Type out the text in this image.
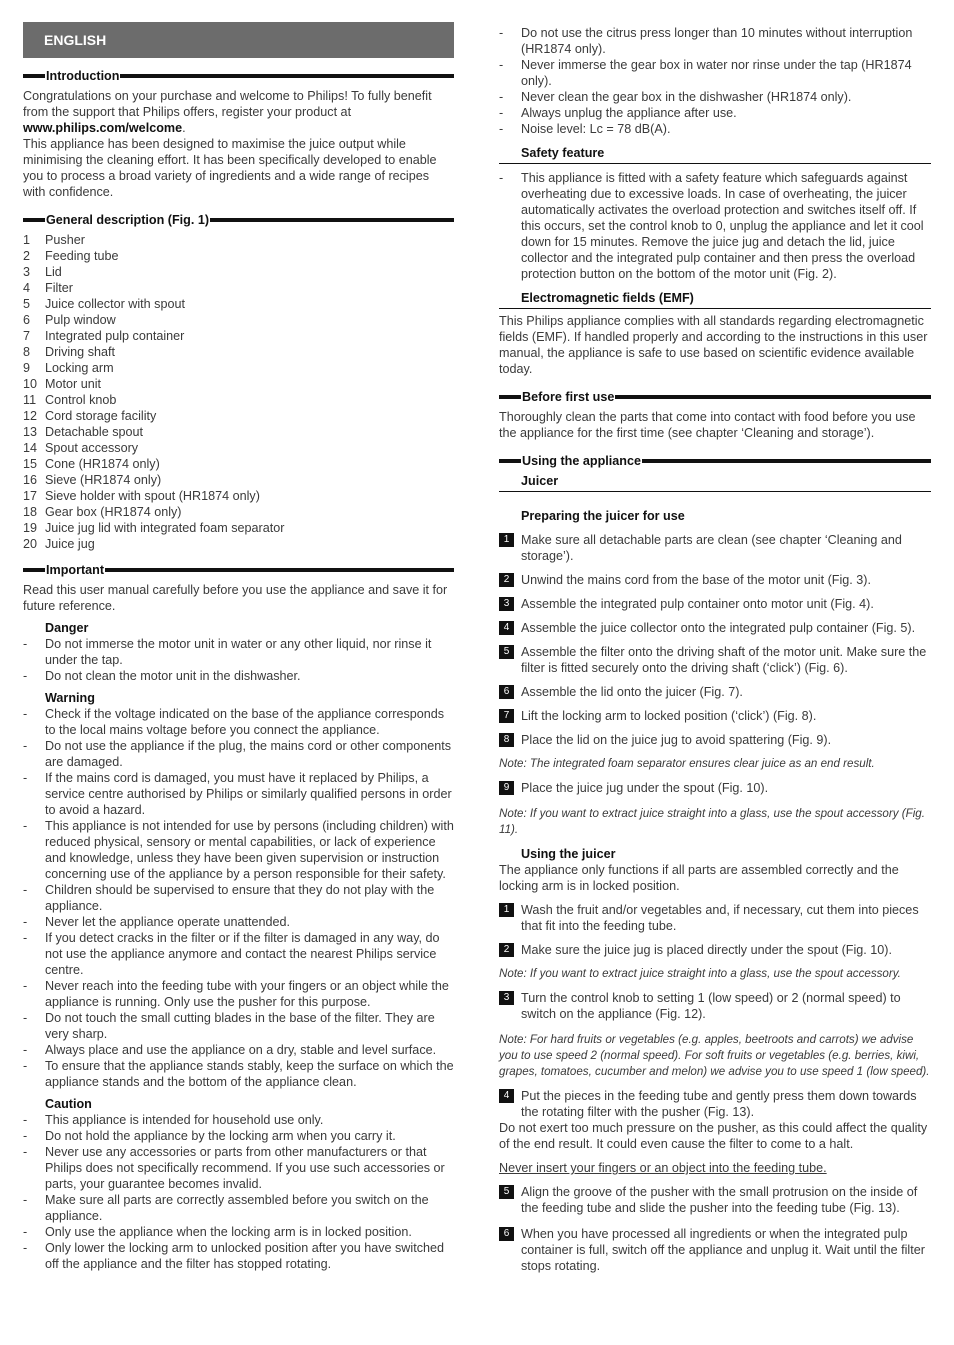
ENGLISH
Introduction

Congratulations on your purchase and welcome to Philips! To fully benefit from the support that Philips offers, register your product at www.philips.com/welcome.

This appliance has been designed to maximise the juice output while minimising the cleaning effort. It has been specifically developed to enable you to process a broad variety of ingredients and a wide range of recipes with confidence.

General description (Fig. 1)
1	Pusher
2	Feeding tube
3	Lid
4	Filter
5	Juice collector with spout
6	Pulp window
7	Integrated pulp container
8	Driving shaft
9	Locking arm
10 Motor unit
11 Control knob
12 Cord storage facility
13 Detachable spout
14 Spout accessory
15 Cone (HR1874 only)
16 Sieve (HR1874 only)
17 Sieve holder with spout (HR1874 only)
18 Gear box (HR1874 only)
19 Juice jug lid with integrated foam separator
20 Juice jug
Important

Read this user manual carefully before you use the appliance and save it for future reference.

Danger
- Do not immerse the motor unit in water or any other liquid, nor rinse it under the tap.
- Do not clean the motor unit in the dishwasher.
Warning
- Check if the voltage indicated on the base of the appliance corresponds to the local mains voltage before you connect the appliance.
- Do not use the appliance if the plug, the mains cord or other components are damaged.
- If the mains cord is damaged, you must have it replaced by Philips, a service centre authorised by Philips or similarly qualified persons in order to avoid a hazard.
- This appliance is not intended for use by persons (including children) with reduced physical, sensory or mental capabilities, or lack of experience and knowledge, unless they have been given supervision or instruction concerning use of the appliance by a person responsible for their safety.
- Children should be supervised to ensure that they do not play with the appliance.
- Never let the appliance operate unattended.
- If you detect cracks in the filter or if the filter is damaged in any way, do not use the appliance anymore and contact the nearest Philips service centre.
- Never reach into the feeding tube with your fingers or an object while the appliance is running. Only use the pusher for this purpose.
- Do not touch the small cutting blades in the base of the filter. They are very sharp.
- Always place and use the appliance on a dry, stable and level surface.
- To ensure that the appliance stands stably, keep the surface on which the appliance stands and the bottom of the appliance clean.
Caution
- This appliance is intended for household use only.
- Do not hold the appliance by the locking arm when you carry it.
- Never use any accessories or parts from other manufacturers or that Philips does not specifically recommend. If you use such accessories or parts, your guarantee becomes invalid.
- Make sure all parts are correctly assembled before you switch on the appliance.
- Only use the appliance when the locking arm is in locked position.
- Only lower the locking arm to unlocked position after you have switched off the appliance and the filter has stopped rotating.
- Do not use the citrus press longer than 10 minutes without interruption (HR1874 only).
- Never immerse the gear box in water nor rinse under the tap (HR1874 only).
- Never clean the gear box in the dishwasher (HR1874 only).
- Always unplug the appliance after use.
- Noise level: Lc = 78 dB(A).
Safety feature
- This appliance is fitted with a safety feature which safeguards against overheating due to excessive loads. In case of overheating, the juicer automatically activates the overload protection and switches itself off. If this occurs, set the control knob to 0, unplug the appliance and let it cool down for 15 minutes. Remove the juice jug and detach the lid, juice collector and the integrated pulp container and then press the overload protection button on the bottom of the motor unit (Fig. 2).
Electromagnetic fields (EMF)

This Philips appliance complies with all standards regarding electromagnetic fields (EMF). If handled properly and according to the instructions in this user manual, the appliance is safe to use based on scientific evidence available today.

Before first use

Thoroughly clean the parts that come into contact with food before you use the appliance for the first time (see chapter ‘Cleaning and storage’).

Using the appliance
Juicer
Preparing the juicer for use
1 Make sure all detachable parts are clean (see chapter ‘Cleaning and storage’).
2 Unwind the mains cord from the base of the motor unit (Fig. 3).
3 Assemble the integrated pulp container onto motor unit (Fig. 4).
4 Assemble the juice collector onto the integrated pulp container (Fig. 5).
5 Assemble the filter onto the driving shaft of the motor unit. Make sure the filter is fitted securely onto the driving shaft (‘click’) (Fig. 6).
6 Assemble the lid onto the juicer (Fig. 7).
7 Lift the locking arm to locked position (‘click’) (Fig. 8).
8 Place the lid on the juice jug to avoid spattering (Fig. 9).

Note: The integrated foam separator ensures clear juice as an end result.

9 Place the juice jug under the spout (Fig. 10).

Note: If you want to extract juice straight into a glass, use the spout accessory (Fig. 11).

Using the juicer

The appliance only functions if all parts are assembled correctly and the locking arm is in locked position.

1 Wash the fruit and/or vegetables and, if necessary, cut them into pieces that fit into the feeding tube.
2 Make sure the juice jug is placed directly under the spout (Fig. 10).

Note: If you want to extract juice straight into a glass, use the spout accessory.

3 Turn the control knob to setting 1 (low speed) or 2 (normal speed) to switch on the appliance (Fig. 12).

Note: For hard fruits or vegetables (e.g. apples, beetroots and carrots) we advise you to use speed 2 (normal speed). For soft fruits or vegetables (e.g. berries, kiwi, grapes, tomatoes, cucumber and melon) we advise you to use speed 1 (low speed).

4 Put the pieces in the feeding tube and gently press them down towards the rotating filter with the pusher (Fig. 13).

Do not exert too much pressure on the pusher, as this could affect the quality of the end result. It could even cause the filter to come to a halt.

Never insert your fingers or an object into the feeding tube.

5 Align the groove of the pusher with the small protrusion on the inside of the feeding tube and slide the pusher into the feeding tube (Fig. 13).
6 When you have processed all ingredients or when the integrated pulp container is full, switch off the appliance and unplug it. Wait until the filter stops rotating.
